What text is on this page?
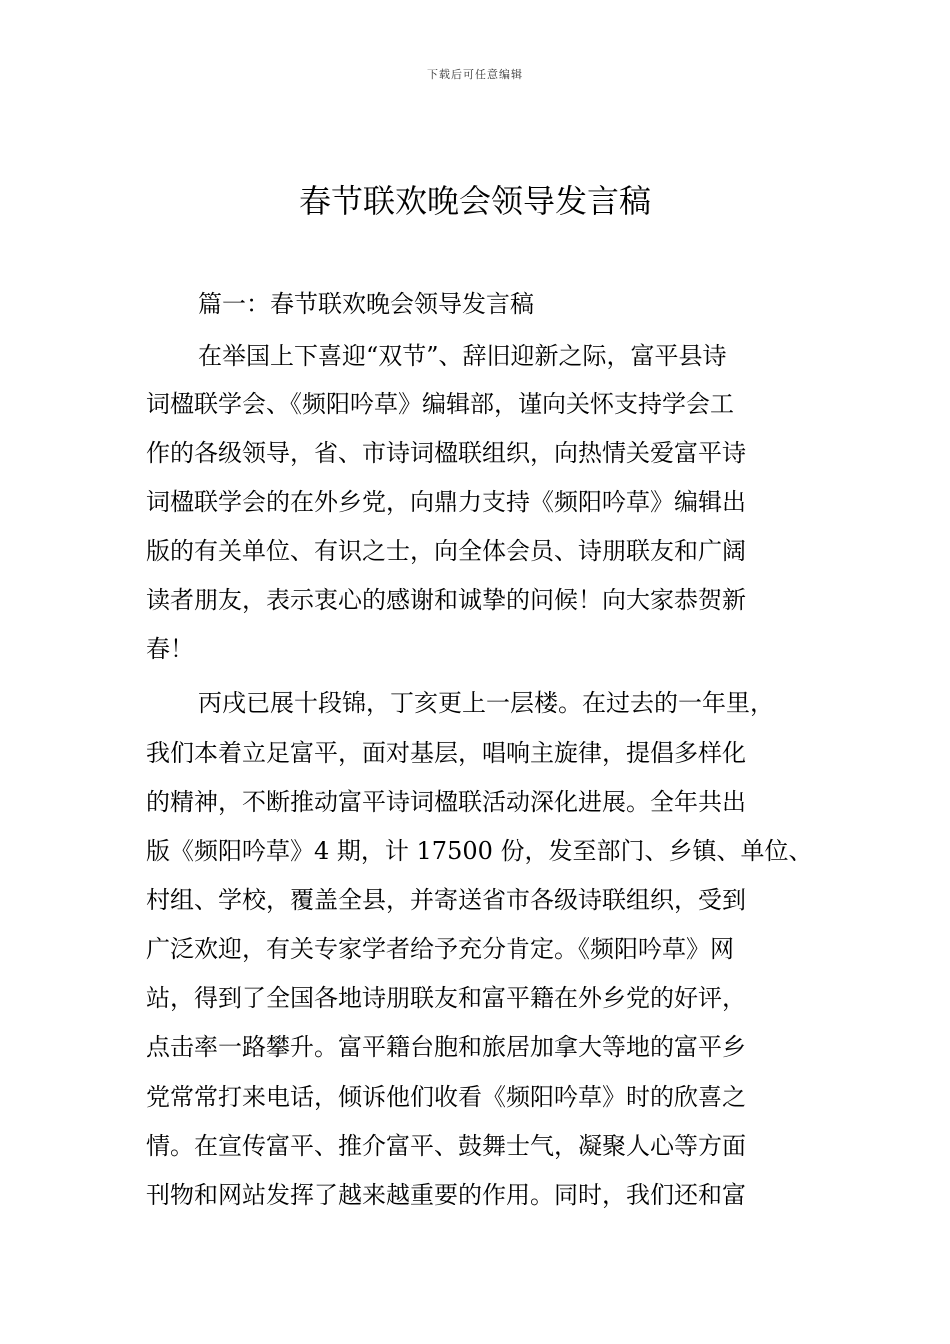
下载后可任意编辑
春节联欢晚会领导发言稿
篇一：春节联欢晚会领导发言稿
在举国上下喜迎“双节”、辞旧迎新之际，富平县诗
词楹联学会、《频阳吟草》编辑部，谨向关怀支持学会工
作的各级领导，省、市诗词楹联组织，向热情关爱富平诗
词楹联学会的在外乡党，向鼎力支持《频阳吟草》编辑出
版的有关单位、有识之士，向全体会员、诗朋联友和广阔
读者朋友，表示衷心的感谢和诚挚的问候！向大家恭贺新
春！
丙戌已展十段锦，丁亥更上一层楼。在过去的一年里，
我们本着立足富平，面对基层，唱响主旋律，提倡多样化
的精神，不断推动富平诗词楹联活动深化进展。全年共出
版《频阳吟草》4 期，计 17500 份，发至部门、乡镇、单位、
村组、学校，覆盖全县，并寄送省市各级诗联组织，受到
广泛欢迎，有关专家学者给予充分肯定。《频阳吟草》网
站，得到了全国各地诗朋联友和富平籍在外乡党的好评，
点击率一路攀升。富平籍台胞和旅居加拿大等地的富平乡
党常常打来电话，倾诉他们收看《频阳吟草》时的欣喜之
情。在宣传富平、推介富平、鼓舞士气，凝聚人心等方面
刊物和网站发挥了越来越重要的作用。同时，我们还和富
